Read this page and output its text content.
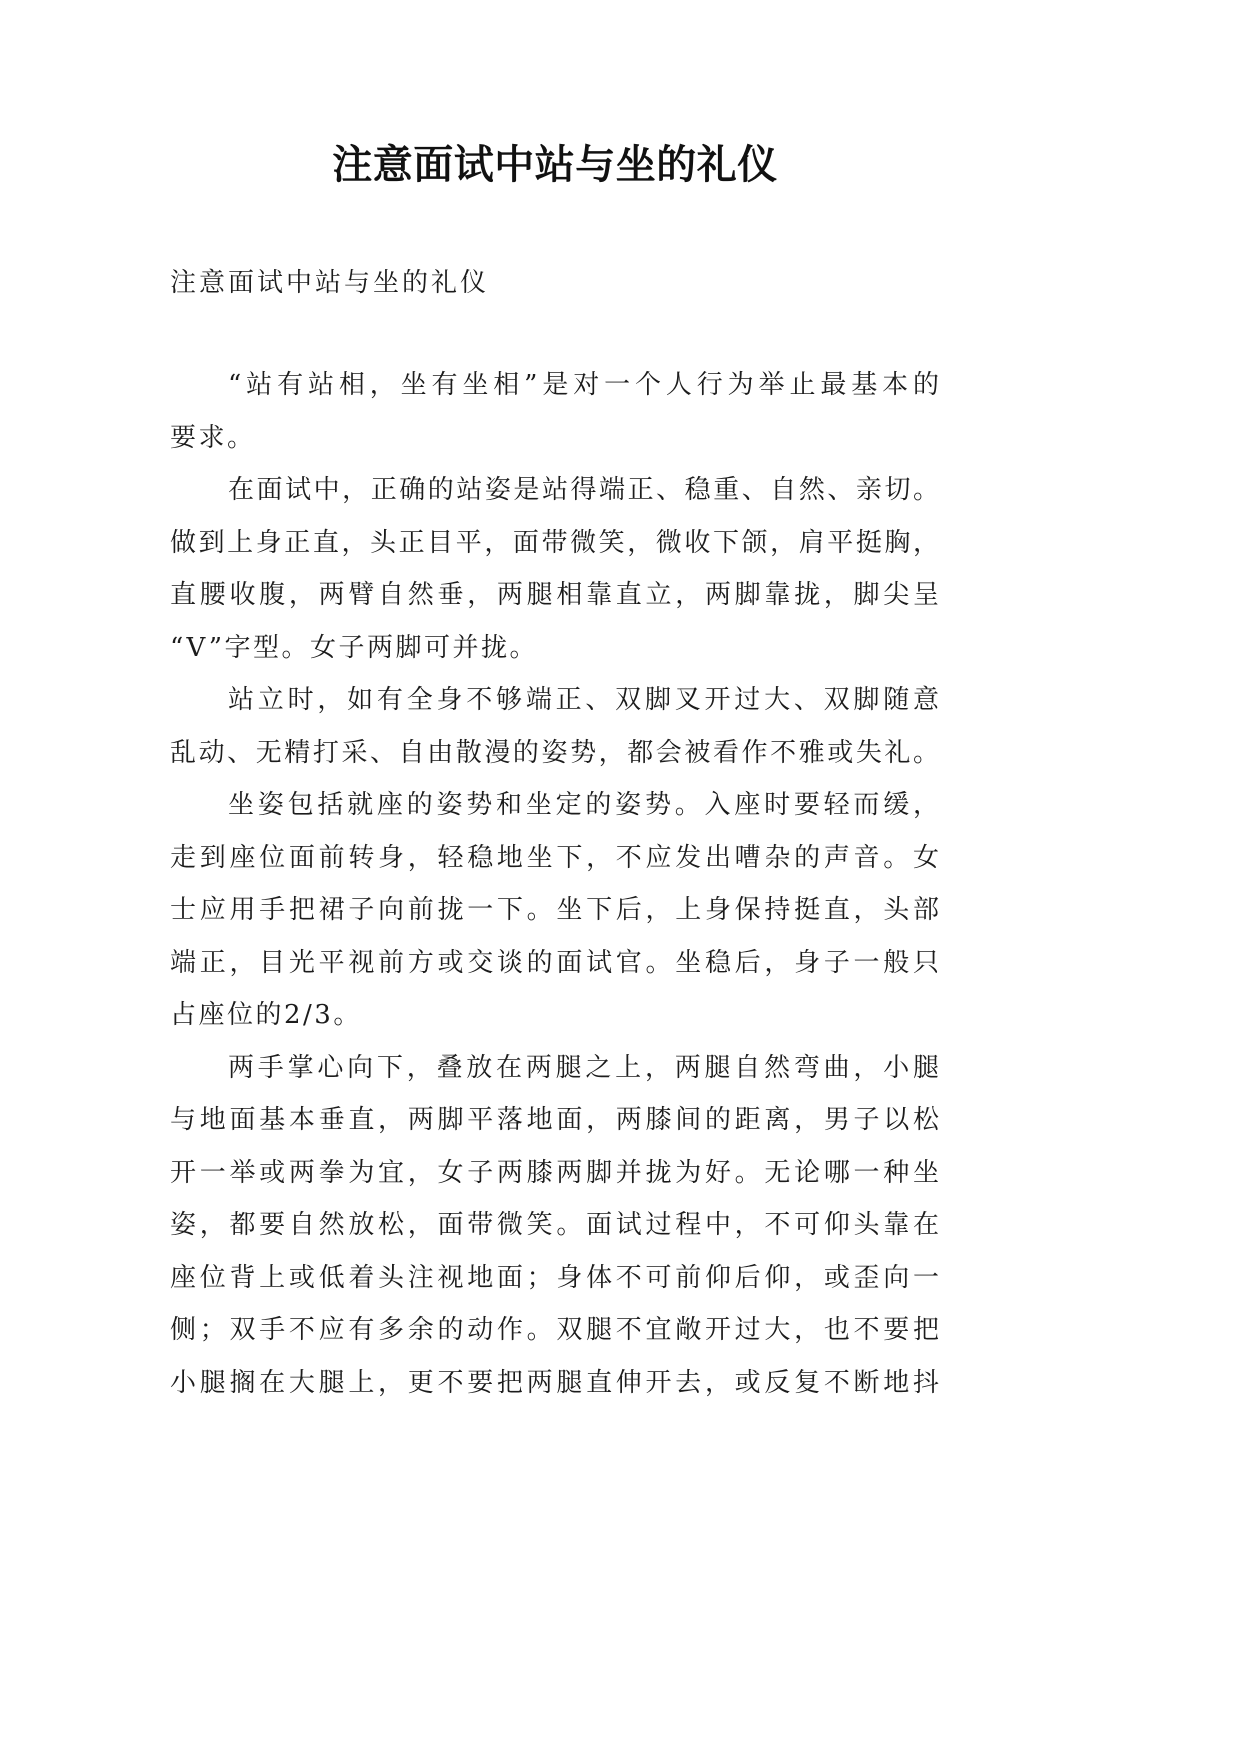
注意面试中站与坐的礼仪
注意面试中站与坐的礼仪
“站有站相，坐有坐相”是对一个人行为举止最基本的
要求。
在面试中，正确的站姿是站得端正、稳重、自然、亲切。
做到上身正直，头正目平，面带微笑，微收下颌，肩平挺胸，
直腰收腹，两臂自然垂，两腿相靠直立，两脚靠拢，脚尖呈
“V”字型。女子两脚可并拢。
站立时，如有全身不够端正、双脚叉开过大、双脚随意
乱动、无精打采、自由散漫的姿势，都会被看作不雅或失礼。
坐姿包括就座的姿势和坐定的姿势。入座时要轻而缓，
走到座位面前转身，轻稳地坐下，不应发出嘈杂的声音。女
士应用手把裙子向前拢一下。坐下后，上身保持挺直，头部
端正，目光平视前方或交谈的面试官。坐稳后，身子一般只
占座位的2/3。
两手掌心向下，叠放在两腿之上，两腿自然弯曲，小腿
与地面基本垂直，两脚平落地面，两膝间的距离，男子以松
开一举或两拳为宜，女子两膝两脚并拢为好。无论哪一种坐
姿，都要自然放松，面带微笑。面试过程中，不可仰头靠在
座位背上或低着头注视地面；身体不可前仰后仰，或歪向一
侧；双手不应有多余的动作。双腿不宜敞开过大，也不要把
小腿搁在大腿上，更不要把两腿直伸开去，或反复不断地抖
